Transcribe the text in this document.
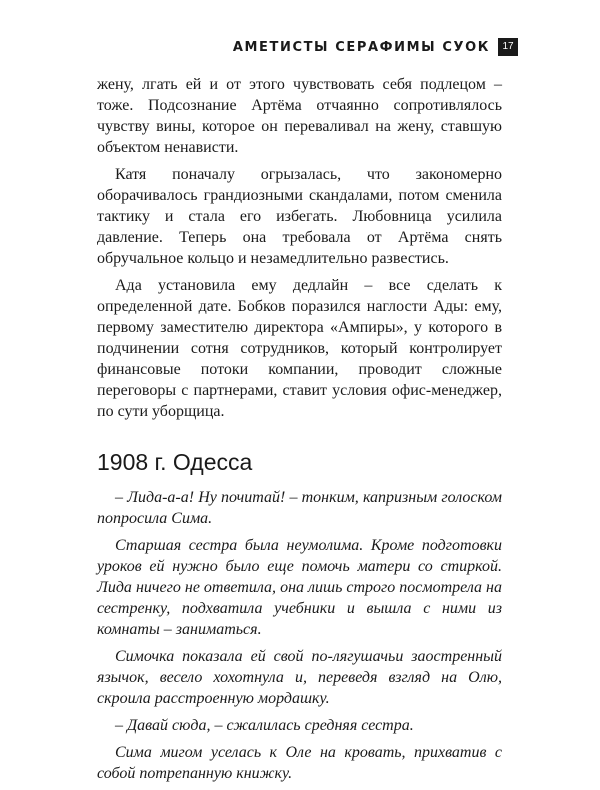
АМЕТИСТЫ СЕРАФИМЫ СУОК	17

жену, лгать ей и от этого чувствовать себя подлецом – тоже. Подсознание Артёма отчаянно сопротивлялось чувству вины, которое он переваливал на жену, ставшую объектом ненависти.

Катя поначалу огрызалась, что закономерно оборачивалось грандиозными скандалами, потом сменила тактику и стала его избегать. Любовница усилила давление. Теперь она требовала от Артёма снять обручальное кольцо и незамедлительно развестись.

Ада установила ему дедлайн – все сделать к определенной дате. Бобков поразился наглости Ады: ему, первому заместителю директора «Ампиры», у которого в подчинении сотня сотрудников, который контролирует финансовые потоки компании, проводит сложные переговоры с партнерами, ставит условия офис-менеджер, по сути уборщица.

1908 г. Одесса

– Лида-а-а! Ну почитай! – тонким, капризным голоском попросила Сима.

Старшая сестра была неумолима. Кроме подготовки уроков ей нужно было еще помочь матери со стиркой. Лида ничего не ответила, она лишь строго посмотрела на сестренку, подхватила учебники и вышла с ними из комнаты – заниматься.

Симочка показала ей свой по-лягушачьи заостренный язычок, весело хохотнула и, переведя взгляд на Олю, скроила расстроенную мордашку.

– Давай сюда, – сжалилась средняя сестра.

Сима мигом уселась к Оле на кровать, прихватив с собой потрепанную книжку.
